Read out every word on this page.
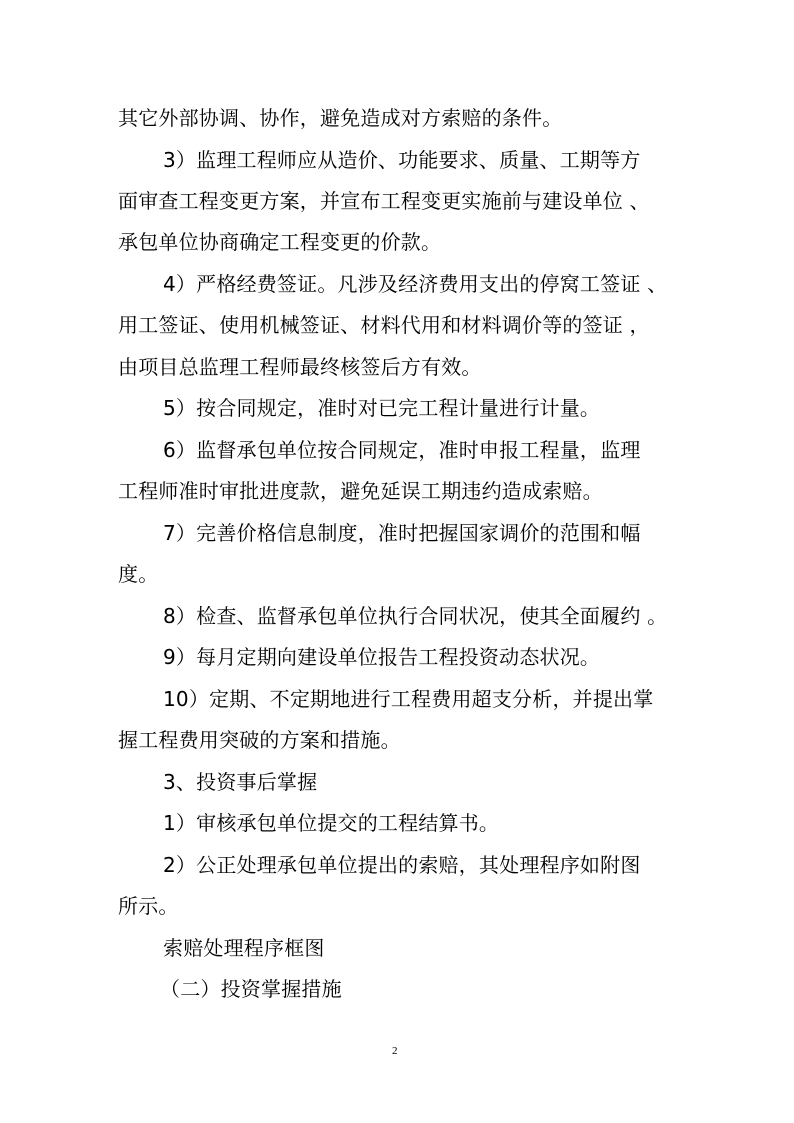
其它外部协调、协作，避免造成对方索赔的条件。
3）监理工程师应从造价、功能要求、质量、工期等方
面审查工程变更方案，并宣布工程变更实施前与建设单位 、
承包单位协商确定工程变更的价款。
4）严格经费签证。凡涉及经济费用支出的停窝工签证 、
用工签证、使用机械签证、材料代用和材料调价等的签证 ，
由项目总监理工程师最终核签后方有效。
5）按合同规定，准时对已完工程计量进行计量。
6）监督承包单位按合同规定，准时申报工程量，监理
工程师准时审批进度款，避免延误工期违约造成索赔。
7）完善价格信息制度，准时把握国家调价的范围和幅
度。
8）检查、监督承包单位执行合同状况，使其全面履约 。
9）每月定期向建设单位报告工程投资动态状况。
10）定期、不定期地进行工程费用超支分析，并提出掌
握工程费用突破的方案和措施。
3、投资事后掌握
1）审核承包单位提交的工程结算书。
2）公正处理承包单位提出的索赔，其处理程序如附图
所示。
索赔处理程序框图
（二）投资掌握措施
2
